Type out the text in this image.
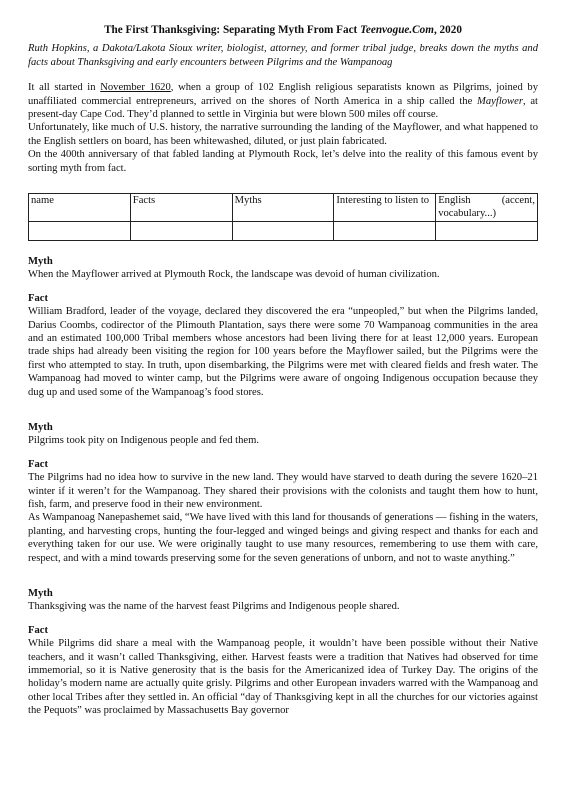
The First Thanksgiving: Separating Myth From Fact Teenvogue.Com, 2020

Ruth Hopkins, a Dakota/Lakota Sioux writer, biologist, attorney, and former tribal judge, breaks down the myths and facts about Thanksgiving and early encounters between Pilgrims and the Wampanoag

It all started in November 1620, when a group of 102 English religious separatists known as Pilgrims, joined by unaffiliated commercial entrepreneurs, arrived on the shores of North America in a ship called the Mayflower, at present-day Cape Cod. They’d planned to settle in Virginia but were blown 500 miles off course.

Unfortunately, like much of U.S. history, the narrative surrounding the landing of the Mayflower, and what happened to the English settlers on board, has been whitewashed, diluted, or just plain fabricated.

On the 400th anniversary of that fabled landing at Plymouth Rock, let’s delve into the reality of this famous event by sorting myth from fact.

name	Facts	Myths	Interesting to listen to	English (accent, vocabulary...)

Myth

When the Mayflower arrived at Plymouth Rock, the landscape was devoid of human civilization.

Fact

William Bradford, leader of the voyage, declared they discovered the era “unpeopled,” but when the Pilgrims landed, Darius Coombs, codirector of the Plimouth Plantation, says there were some 70 Wampanoag communities in the area and an estimated 100,000 Tribal members whose ancestors had been living there for at least 12,000 years. European trade ships had already been visiting the region for 100 years before the Mayflower sailed, but the Pilgrims were the first who attempted to stay. In truth, upon disembarking, the Pilgrims were met with cleared fields and fresh water. The Wampanoag had moved to winter camp, but the Pilgrims were aware of ongoing Indigenous occupation because they dug up and used some of the Wampanoag’s food stores.

Myth

Pilgrims took pity on Indigenous people and fed them.

Fact

The Pilgrims had no idea how to survive in the new land. They would have starved to death during the severe 1620–21 winter if it weren’t for the Wampanoag. They shared their provisions with the colonists and taught them how to hunt, fish, farm, and preserve food in their new environment.

As Wampanoag Nanepashemet said, “We have lived with this land for thousands of generations — fishing in the waters, planting, and harvesting crops, hunting the four-legged and winged beings and giving respect and thanks for each and everything taken for our use. We were originally taught to use many resources, remembering to use them with care, respect, and with a mind towards preserving some for the seven generations of unborn, and not to waste anything.”

Myth

Thanksgiving was the name of the harvest feast Pilgrims and Indigenous people shared.

Fact

While Pilgrims did share a meal with the Wampanoag people, it wouldn’t have been possible without their Native teachers, and it wasn’t called Thanksgiving, either. Harvest feasts were a tradition that Natives had observed for time immemorial, so it is Native generosity that is the basis for the Americanized idea of Turkey Day. The origins of the holiday’s modern name are actually quite grisly. Pilgrims and other European invaders warred with the Wampanoag and other local Tribes after they settled in. An official “day of Thanksgiving kept in all the churches for our victories against the Pequots” was proclaimed by Massachusetts Bay governor
